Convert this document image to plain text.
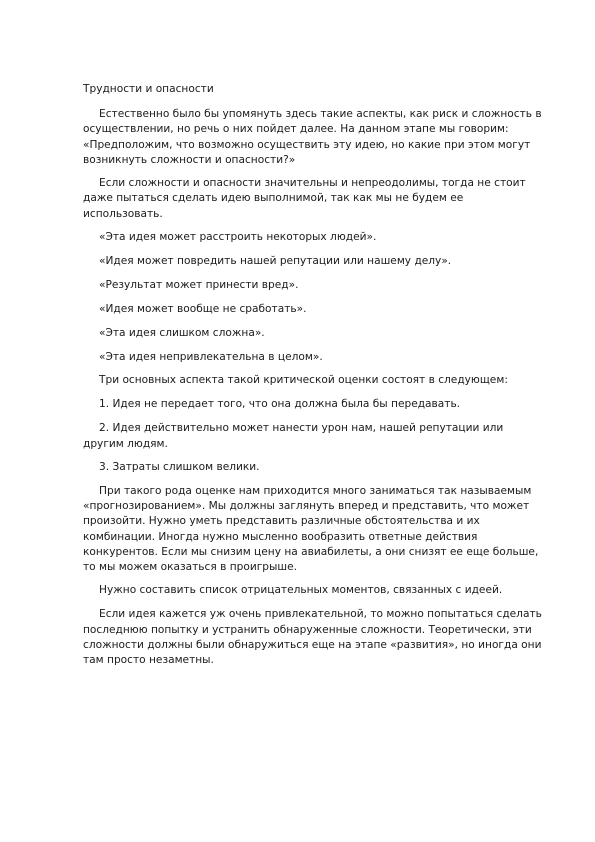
Трудности и опасности

Естественно было бы упомянуть здесь такие аспекты, как риск и сложность в осуществлении, но речь о них пойдет далее. На данном этапе мы говорим: «Предположим, что возможно осуществить эту идею, но какие при этом могут возникнуть сложности и опасности?»

Если сложности и опасности значительны и непреодолимы, тогда не стоит даже пытаться сделать идею выполнимой, так как мы не будем ее использовать.

«Эта идея может расстроить некоторых людей».

«Идея может повредить нашей репутации или нашему делу».

«Результат может принести вред».

«Идея может вообще не сработать».

«Эта идея слишком сложна».

«Эта идея непривлекательна в целом».

Три основных аспекта такой критической оценки состоят в следующем:

1. Идея не передает того, что она должна была бы передавать.

2. Идея действительно может нанести урон нам, нашей репутации или другим людям.

3. Затраты слишком велики.

При такого рода оценке нам приходится много заниматься так называемым «прогнозированием». Мы должны заглянуть вперед и представить, что может произойти. Нужно уметь представить различные обстоятельства и их комбинации. Иногда нужно мысленно вообразить ответные действия конкурентов. Если мы снизим цену на авиабилеты, а они снизят ее еще больше, то мы можем оказаться в проигрыше.

Нужно составить список отрицательных моментов, связанных с идеей.

Если идея кажется уж очень привлекательной, то можно попытаться сделать последнюю попытку и устранить обнаруженные сложности. Теоретически, эти сложности должны были обнаружиться еще на этапе «развития», но иногда они там просто незаметны.
